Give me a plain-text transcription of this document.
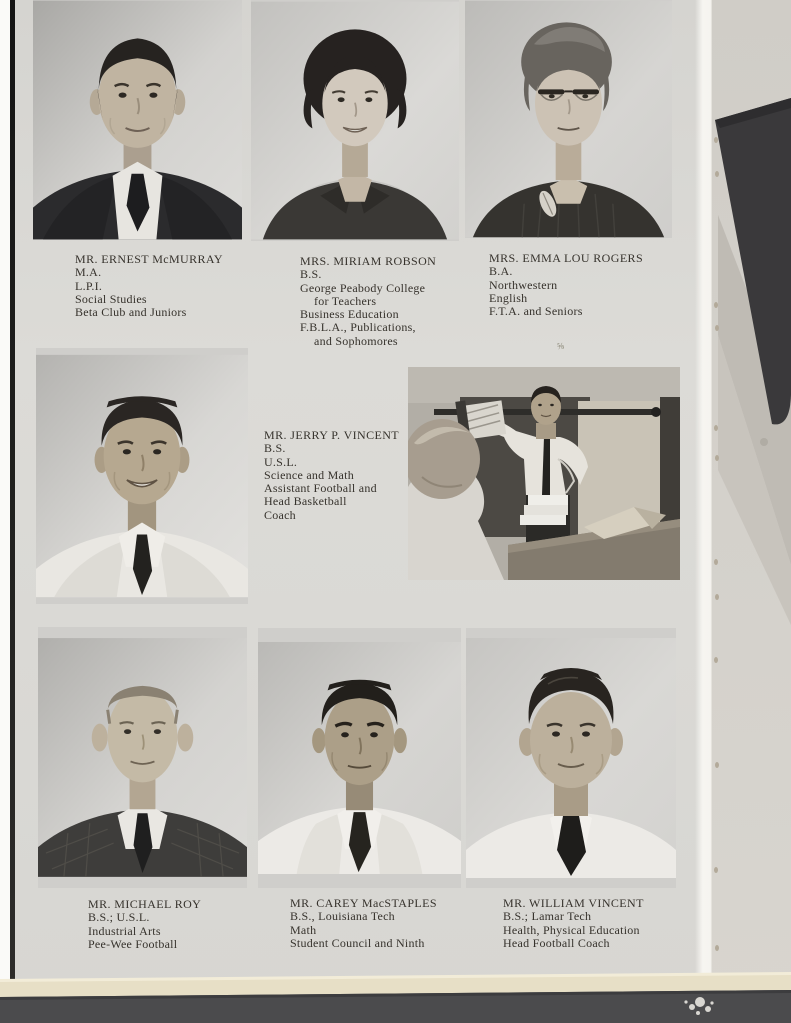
MR. ERNEST McMURRAY
M.A.
L.P.I.
Social Studies
Beta Club and Juniors
MRS. MIRIAM ROBSON
B.S.
George Peabody College
for Teachers
Business Education
F.B.L.A., Publications,
and Sophomores
MRS. EMMA LOU ROGERS
B.A.
Northwestern
English
F.T.A. and Seniors
⅝
MR. JERRY P. VINCENT
B.S.
U.S.L.
Science and Math
Assistant Football and
Head Basketball
Coach
MR. MICHAEL ROY
B.S.; U.S.L.
Industrial Arts
Pee-Wee Football
MR. CAREY MacSTAPLES
B.S., Louisiana Tech
Math
Student Council and Ninth
MR. WILLIAM VINCENT
B.S.; Lamar Tech
Health, Physical Education
Head Football Coach
